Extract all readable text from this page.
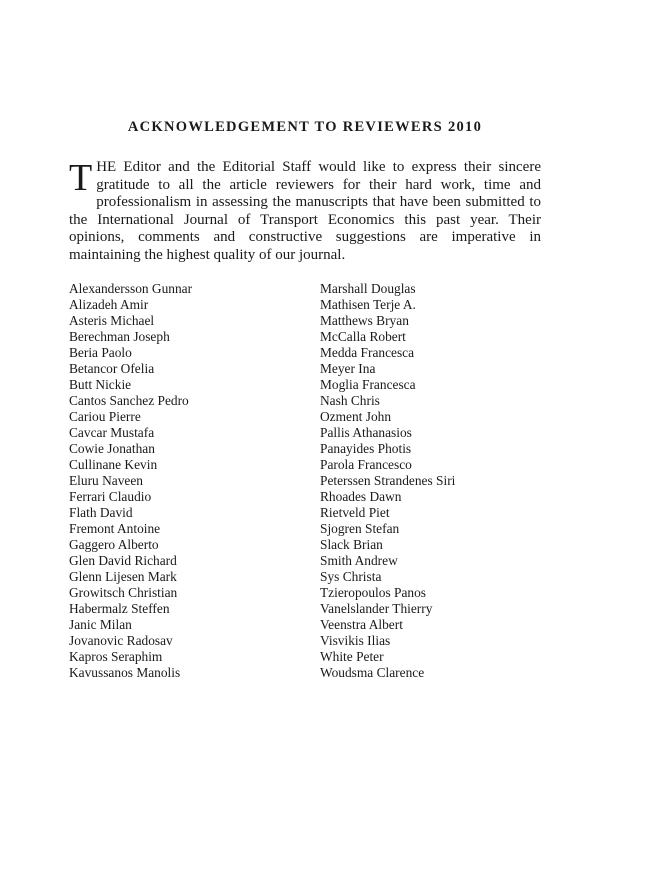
ACKNOWLEDGEMENT TO REVIEWERS 2010

THE Editor and the Editorial Staff would like to express their sincere gratitude to all the article reviewers for their hard work, time and professionalism in assessing the manuscripts that have been submitted to the International Journal of Transport Economics this past year. Their opinions, comments and constructive suggestions are imperative in maintaining the highest quality of our journal.

Alexandersson Gunnar
Alizadeh Amir
Asteris Michael
Berechman Joseph
Beria Paolo
Betancor Ofelia
Butt Nickie
Cantos Sanchez Pedro
Cariou Pierre
Cavcar Mustafa
Cowie Jonathan
Cullinane Kevin
Eluru Naveen
Ferrari Claudio
Flath David
Fremont Antoine
Gaggero Alberto
Glen David Richard
Glenn Lijesen Mark
Growitsch Christian
Habermalz Steffen
Janic Milan
Jovanovic Radosav
Kapros Seraphim
Kavussanos Manolis
Marshall Douglas
Mathisen Terje A.
Matthews Bryan
McCalla Robert
Medda Francesca
Meyer Ina
Moglia Francesca
Nash Chris
Ozment John
Pallis Athanasios
Panayides Photis
Parola Francesco
Peterssen Strandenes Siri
Rhoades Dawn
Rietveld Piet
Sjogren Stefan
Slack Brian
Smith Andrew
Sys Christa
Tzieropoulos Panos
Vanelslander Thierry
Veenstra Albert
Visvikis Ilias
White Peter
Woudsma Clarence
